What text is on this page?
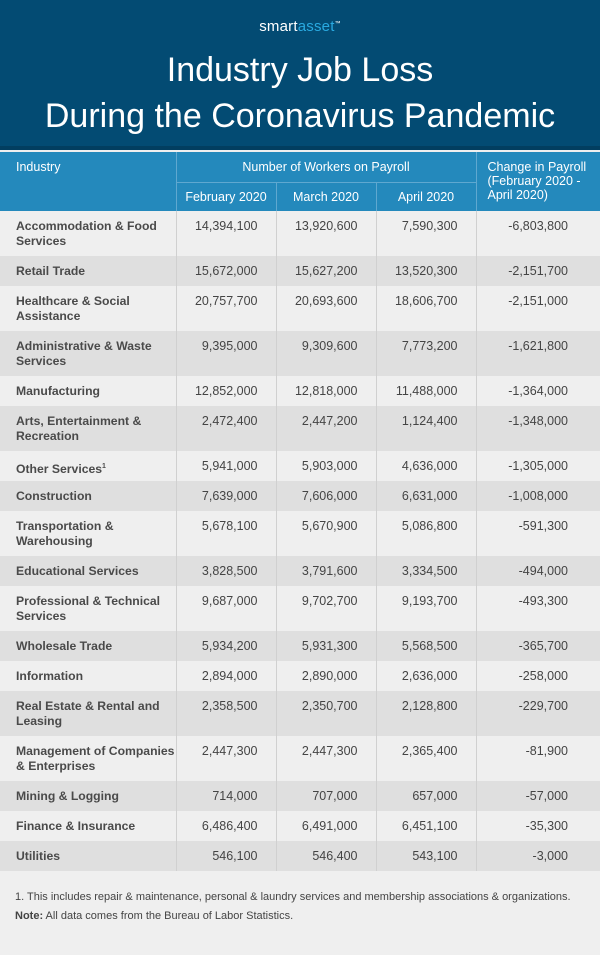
smartasset™
Industry Job Loss
During the Coronavirus Pandemic
Industry	Number of Workers on Payroll			Change in Payroll (February 2020 - April 2020)
	February 2020	March 2020	April 2020	
Accommodation & Food Services	14,394,100	13,920,600	7,590,300	-6,803,800
Retail Trade	15,672,000	15,627,200	13,520,300	-2,151,700
Healthcare & Social Assistance	20,757,700	20,693,600	18,606,700	-2,151,000
Administrative & Waste Services	9,395,000	9,309,600	7,773,200	-1,621,800
Manufacturing	12,852,000	12,818,000	11,488,000	-1,364,000
Arts, Entertainment & Recreation	2,472,400	2,447,200	1,124,400	-1,348,000
Other Services$^1$	5,941,000	5,903,000	4,636,000	-1,305,000
Construction	7,639,000	7,606,000	6,631,000	-1,008,000
Transportation & Warehousing	5,678,100	5,670,900	5,086,800	-591,300
Educational Services	3,828,500	3,791,600	3,334,500	-494,000
Professional & Technical Services	9,687,000	9,702,700	9,193,700	-493,300
Wholesale Trade	5,934,200	5,931,300	5,568,500	-365,700
Information	2,894,000	2,890,000	2,636,000	-258,000
Real Estate & Rental and Leasing	2,358,500	2,350,700	2,128,800	-229,700
Management of Companies & Enterprises	2,447,300	2,447,300	2,365,400	-81,900
Mining & Logging	714,000	707,000	657,000	-57,000
Finance & Insurance	6,486,400	6,491,000	6,451,100	-35,300
Utilities	546,100	546,400	543,100	-3,000
1. This includes repair & maintenance, personal & laundry services and membership associations & organizations.
Note: All data comes from the Bureau of Labor Statistics.
